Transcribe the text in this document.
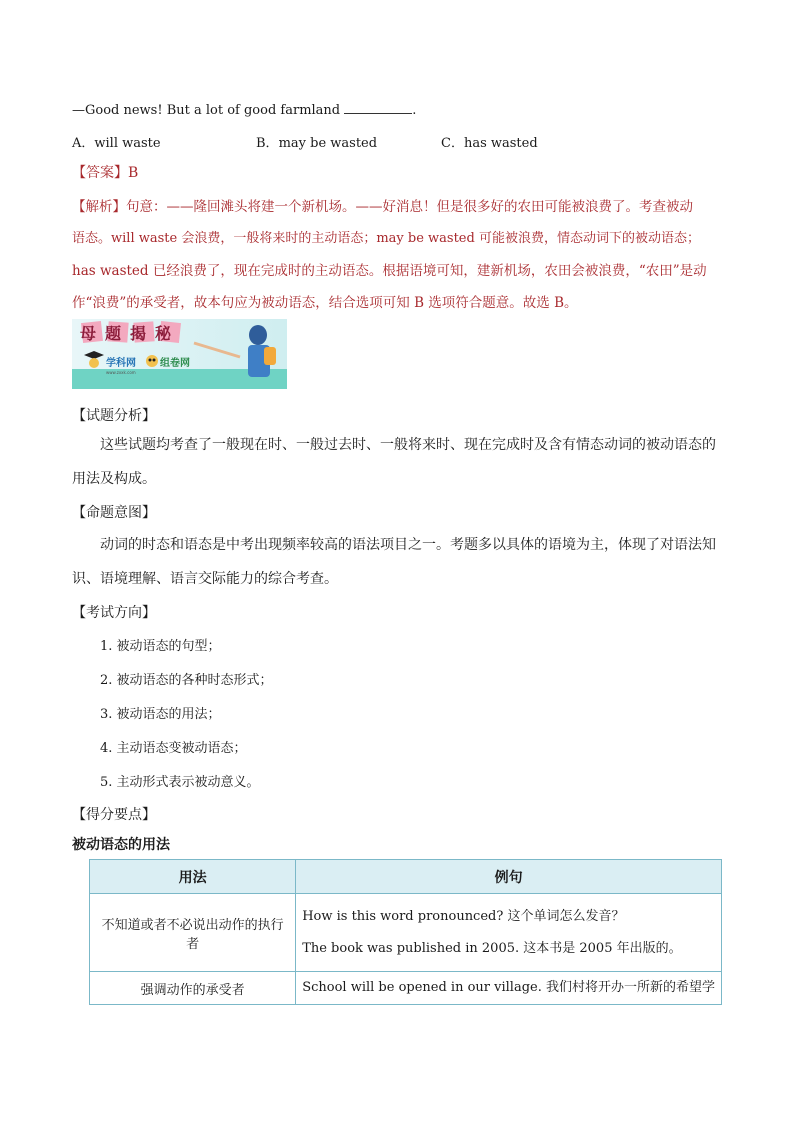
—Good news! But a lot of good farmland	.
A．will waste	B．may be wasted	C．has wasted
【答案】B
【解析】句意：——隆回滩头将建一个新机场。——好消息！但是很多好的农田可能被浪费了。考查被动
语态。will waste 会浪费，一般将来时的主动语态；may be wasted 可能被浪费，情态动词下的被动语态；
has wasted 已经浪费了，现在完成时的主动语态。根据语境可知，建新机场，农田会被浪费，“农田”是动
作“浪费”的承受者，故本句应为被动语态，结合选项可知 B 选项符合题意。故选 B。
母题揭秘
学科网
www.zxxk.com
组卷网
【试题分析】
这些试题均考查了一般现在时、一般过去时、一般将来时、现在完成时及含有情态动词的被动语态的用法及构成。
【命题意图】
动词的时态和语态是中考出现频率较高的语法项目之一。考题多以具体的语境为主，体现了对语法知识、语境理解、语言交际能力的综合考查。
【考试方向】
1. 被动语态的句型；
2. 被动语态的各种时态形式；
3. 被动语态的用法；
4. 主动语态变被动语态；
5. 主动形式表示被动意义。
【得分要点】
被动语态的用法
用法	例句
不知道或者不必说出动作的执行者	How is this word pronounced? 这个单词怎么发音？
The book was published in 2005. 这本书是 2005 年出版的。

强调动作的承受者	School will be opened in our village. 我们村将开办一所新的希望学
